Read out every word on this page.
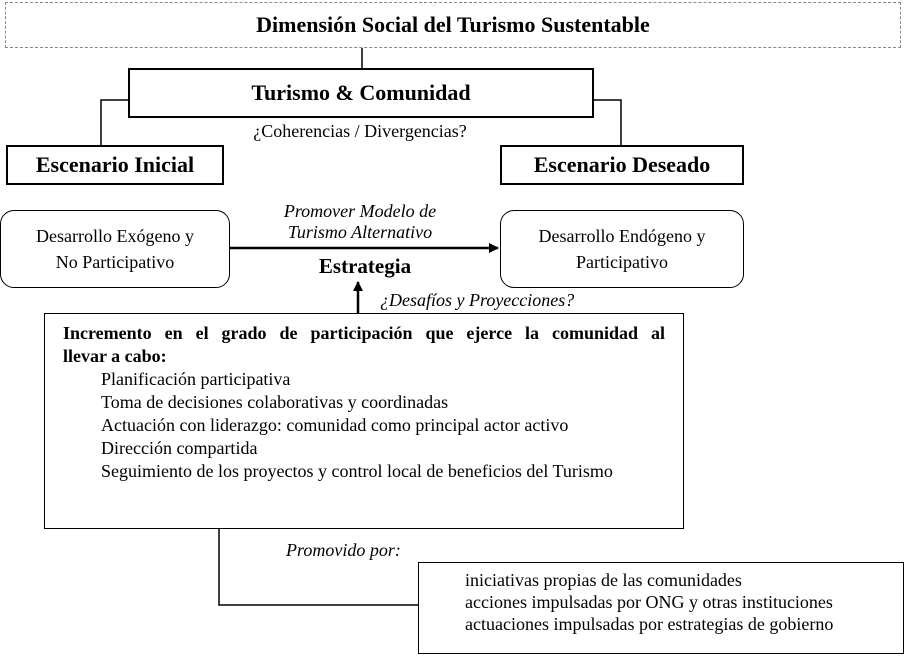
Dimensión Social del Turismo Sustentable
Turismo & Comunidad
¿Coherencias / Divergencias?
Escenario Inicial	Escenario Deseado
Desarrollo Exógeno y
No Participativo
Desarrollo Endógeno y
Participativo
Promover Modelo de
Turismo Alternativo
Estrategia
¿Desafíos y Proyecciones?
Incremento en el grado de participación que ejerce la comunidad al
llevar a cabo:
Planificación participativa
Toma de decisiones colaborativas y coordinadas
Actuación con liderazgo: comunidad como principal actor activo
Dirección compartida
Seguimiento de los proyectos y control local de beneficios del Turismo
Promovido por:
iniciativas propias de las comunidades
acciones impulsadas por ONG y otras instituciones
actuaciones impulsadas por estrategias de gobierno
